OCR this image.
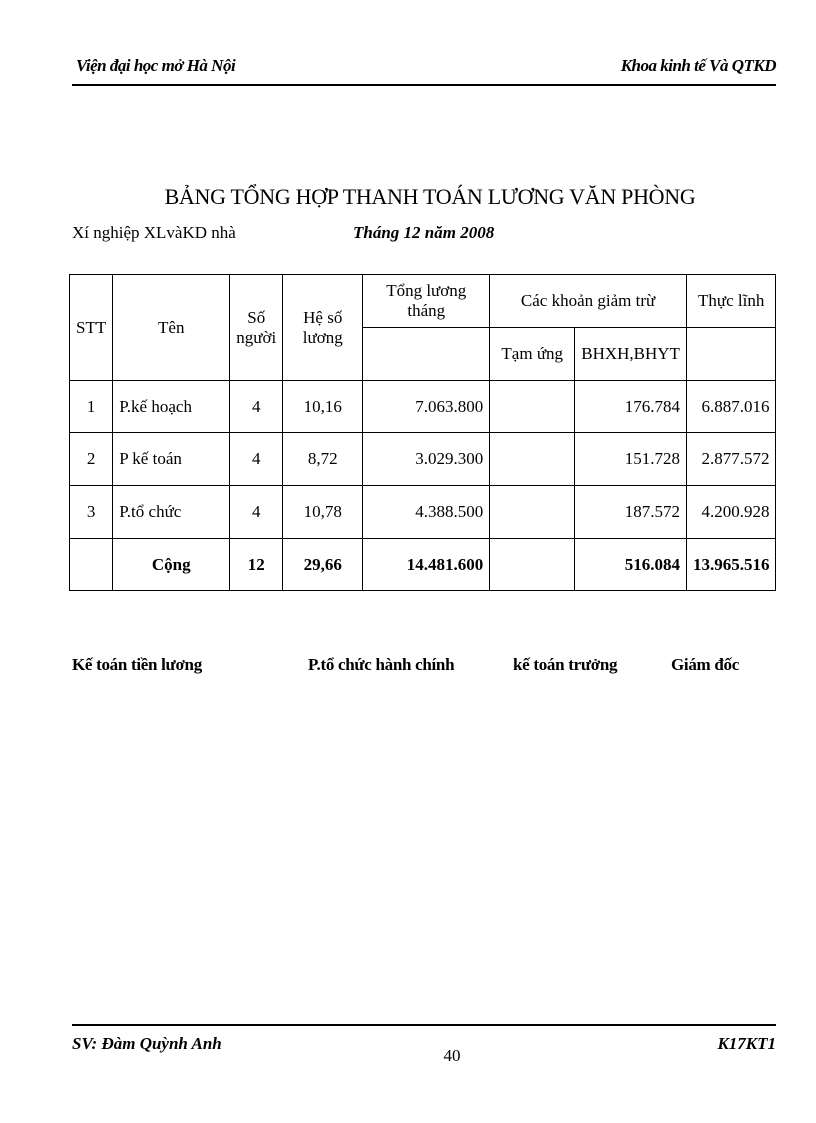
Viện đại học mở Hà Nội	Khoa kinh tế Và QTKD
BẢNG TỔNG HỢP THANH TOÁN LƯƠNG VĂN PHÒNG
Xí nghiệp XLvàKD nhà	Tháng 12 năm 2008
STT	Tên	Số người	Hệ số lương	Tổng lương tháng	Các khoản giảm trừ		Thực lĩnh
					Tạm ứng	BHXH,BHYT	
1	P.kế hoạch	4	10,16	7.063.800		176.784	6.887.016
2	P kế toán	4	8,72	3.029.300		151.728	2.877.572
3	P.tổ chức	4	10,78	4.388.500		187.572	4.200.928
	Cộng	12	29,66	14.481.600		516.084	13.965.516
Kế toán tiền lương	P.tổ chức hành chính	kế toán trưởng	Giám đốc
SV: Đàm Quỳnh Anh	K17KT1
40
